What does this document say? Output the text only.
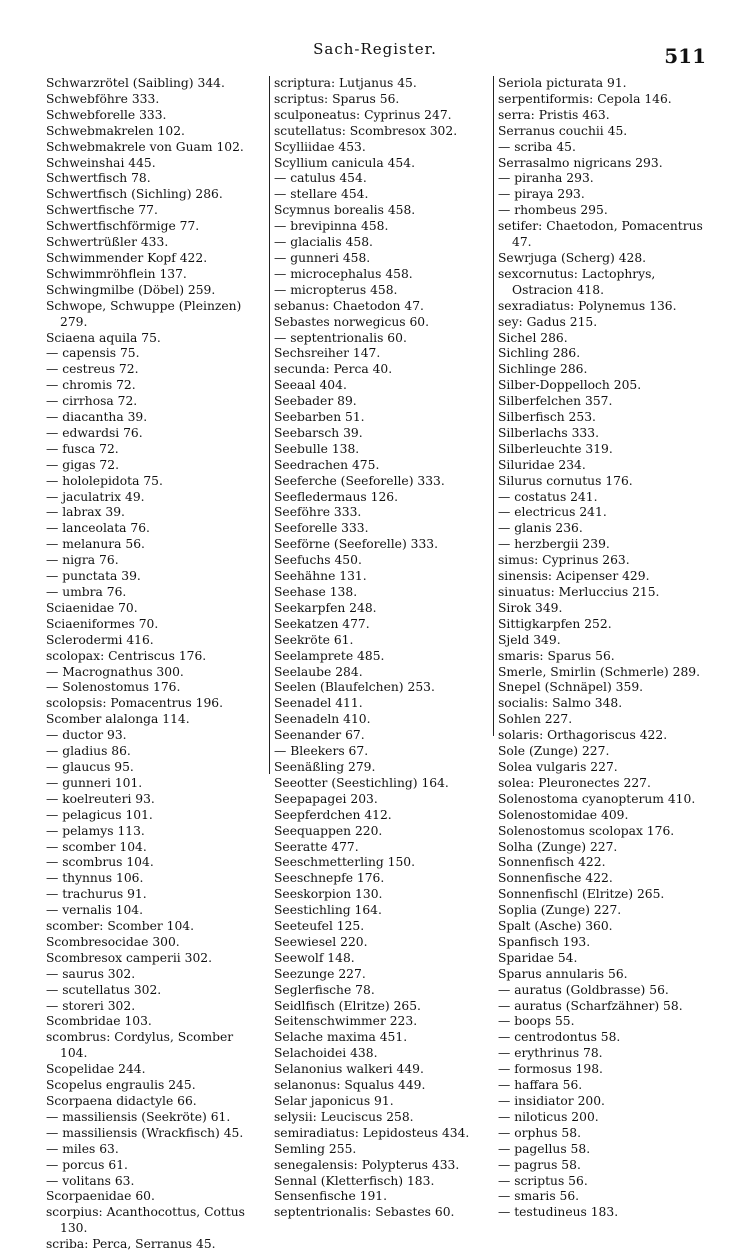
Sach-Register.	511
Schwarzrötel (Saibling) 344.
Schwebföhre 333.
Schwebforelle 333.
Schwebmakrelen 102.
Schwebmakrele von Guam 102.
Schweinshai 445.
Schwertfisch 78.
Schwertfisch (Sichling) 286.
Schwertfische 77.
Schwertfischförmige 77.
Schwertrüßler 433.
Schwimmender Kopf 422.
Schwimmröhflein 137.
Schwingmilbe (Döbel) 259.
Schwope, Schwuppe (Pleinzen) 279.
Sciaena aquila 75.
— capensis 75.
— cestreus 72.
— chromis 72.
— cirrhosa 72.
— diacantha 39.
— edwardsi 76.
— fusca 72.
— gigas 72.
— hololepidota 75.
— jaculatrix 49.
— labrax 39.
— lanceolata 76.
— melanura 56.
— nigra 76.
— punctata 39.
— umbra 76.
Sciaenidae 70.
Sciaeniformes 70.
Sclerodermi 416.
scolopax: Centriscus 176.
— Macrognathus 300.
— Solenostomus 176.
scolopsis: Pomacentrus 196.
Scomber alalonga 114.
— ductor 93.
— gladius 86.
— glaucus 95.
— gunneri 101.
— koelreuteri 93.
— pelagicus 101.
— pelamys 113.
— scomber 104.
— scombrus 104.
— thynnus 106.
— trachurus 91.
— vernalis 104.
scomber: Scomber 104.
Scombresocidae 300.
Scombresox camperii 302.
— saurus 302.
— scutellatus 302.
— storeri 302.
Scombridae 103.
scombrus: Cordylus, Scomber 104.
Scopelidae 244.
Scopelus engraulis 245.
Scorpaena didactyle 66.
— massiliensis (Seekröte) 61.
— massiliensis (Wrackfisch) 45.
— miles 63.
— porcus 61.
— volitans 63.
Scorpaenidae 60.
scorpius: Acanthocottus, Cottus 130.
scriba: Perca, Serranus 45.
scriptura: Lutjanus 45.
scriptus: Sparus 56.
sculponeatus: Cyprinus 247.
scutellatus: Scombresox 302.
Scylliidae 453.
Scyllium canicula 454.
— catulus 454.
— stellare 454.
Scymnus borealis 458.
— brevipinna 458.
— glacialis 458.
— gunneri 458.
— microcephalus 458.
— micropterus 458.
sebanus: Chaetodon 47.
Sebastes norwegicus 60.
— septentrionalis 60.
Sechsreiher 147.
secunda: Perca 40.
Seeaal 404.
Seebader 89.
Seebarben 51.
Seebarsch 39.
Seebulle 138.
Seedrachen 475.
Seeferche (Seeforelle) 333.
Seefledermaus 126.
Seeföhre 333.
Seeforelle 333.
Seeförne (Seeforelle) 333.
Seefuchs 450.
Seehähne 131.
Seehase 138.
Seekarpfen 248.
Seekatzen 477.
Seekröte 61.
Seelamprete 485.
Seelaube 284.
Seelen (Blaufelchen) 253.
Seenadel 411.
Seenadeln 410.
Seenander 67.
— Bleekers 67.
Seenäßling 279.
Seeotter (Seestichling) 164.
Seepapagei 203.
Seepferdchen 412.
Seequappen 220.
Seeratte 477.
Seeschmetterling 150.
Seeschnepfe 176.
Seeskorpion 130.
Seestichling 164.
Seeteufel 125.
Seewiesel 220.
Seewolf 148.
Seezunge 227.
Seglerfische 78.
Seidlfisch (Elritze) 265.
Seitenschwimmer 223.
Selache maxima 451.
Selachoidei 438.
Selanonius walkeri 449.
selanonus: Squalus 449.
Selar japonicus 91.
selysii: Leuciscus 258.
semiradiatus: Lepidosteus 434.
Semling 255.
senegalensis: Polypterus 433.
Sennal (Kletterfisch) 183.
Sensenfische 191.
septentrionalis: Sebastes 60.
Seriola picturata 91.
serpentiformis: Cepola 146.
serra: Pristis 463.
Serranus couchii 45.
— scriba 45.
Serrasalmo nigricans 293.
— piranha 293.
— piraya 293.
— rhombeus 295.
setifer: Chaetodon, Pomacentrus 47.
Sewrjuga (Scherg) 428.
sexcornutus: Lactophrys, Ostracion 418.
sexradiatus: Polynemus 136.
sey: Gadus 215.
Sichel 286.
Sichling 286.
Sichlinge 286.
Silber-Doppelloch 205.
Silberfelchen 357.
Silberfisch 253.
Silberlachs 333.
Silberleuchte 319.
Siluridae 234.
Silurus cornutus 176.
— costatus 241.
— electricus 241.
— glanis 236.
— herzbergii 239.
simus: Cyprinus 263.
sinensis: Acipenser 429.
sinuatus: Merluccius 215.
Sirok 349.
Sittigkarpfen 252.
Sjeld 349.
smaris: Sparus 56.
Smerle, Smirlin (Schmerle) 289.
Snepel (Schnäpel) 359.
socialis: Salmo 348.
Sohlen 227.
solaris: Orthagoriscus 422.
Sole (Zunge) 227.
Solea vulgaris 227.
solea: Pleuronectes 227.
Solenostoma cyanopterum 410.
Solenostomidae 409.
Solenostomus scolopax 176.
Solha (Zunge) 227.
Sonnenfisch 422.
Sonnenfische 422.
Sonnenfischl (Elritze) 265.
Soplia (Zunge) 227.
Spalt (Asche) 360.
Spanfisch 193.
Sparidae 54.
Sparus annularis 56.
— auratus (Goldbrasse) 56.
— auratus (Scharfzähner) 58.
— boops 55.
— centrodontus 58.
— erythrinus 78.
— formosus 198.
— haffara 56.
— insidiator 200.
— niloticus 200.
— orphus 58.
— pagellus 58.
— pagrus 58.
— scriptus 56.
— smaris 56.
— testudineus 183.
